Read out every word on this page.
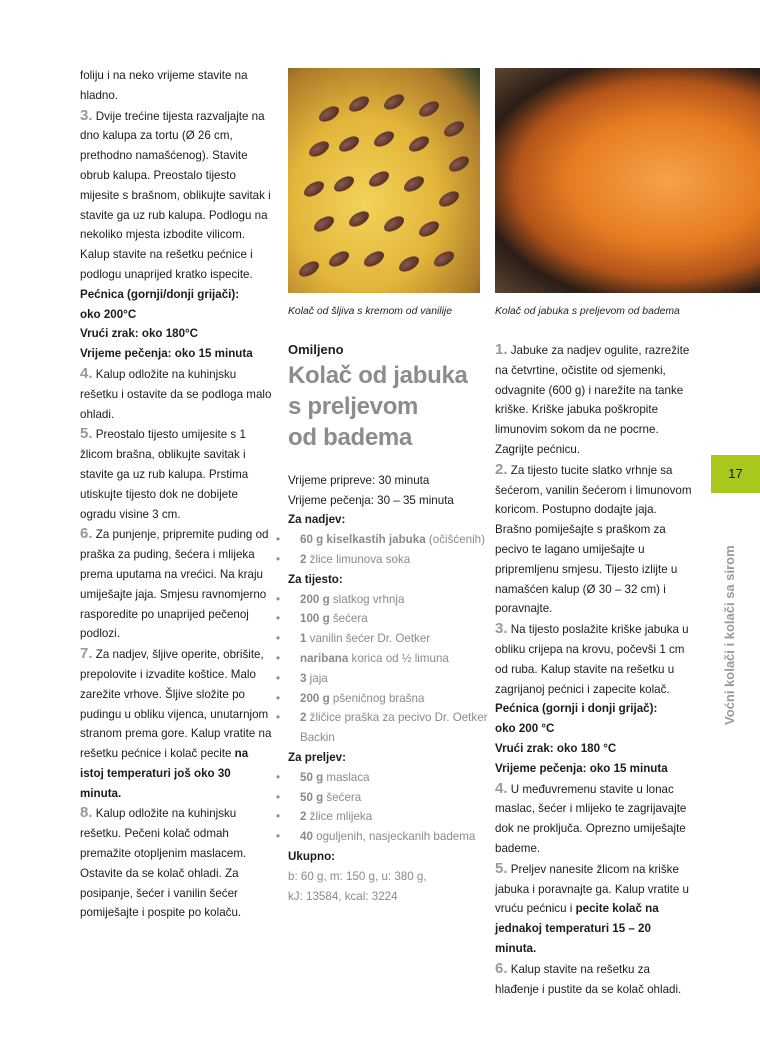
foliju i na neko vrijeme stavite na hladno.

3. Dvije trećine tijesta razvaljajte na dno kalupa za tortu (Ø 26 cm, prethodno namašćenog). Stavite obrub kalupa. Preostalo tijesto mijesite s brašnom, oblikujte savitak i stavite ga uz rub kalupa. Podlogu na nekoliko mjesta izbodite vilicom. Kalup stavite na rešetku pećnice i podlogu unaprijed kratko ispecite.

Pećnica (gornji/donji grijači):

oko 200°C

Vrući zrak: oko 180°C

Vrijeme pečenja: oko 15 minuta

4. Kalup odložite na kuhinjsku rešetku i ostavite da se podloga malo ohladi.

5. Preostalo tijesto umijesite s 1 žlicom brašna, oblikujte savitak i stavite ga uz rub kalupa. Prstima utiskujte tijesto dok ne dobijete ogradu visine 3 cm.

6. Za punjenje, pripremite puding od praška za puding, šećera i mlijeka prema uputama na vrećici. Na kraju umiješajte jaja. Smjesu ravnomjerno rasporedite po unaprijed pečenoj podlozi.

7. Za nadjev, šljive operite, obrišite, prepolovite i izvadite koštice. Malo zarežite vrhove. Šljive složite po pudingu u obliku vijenca, unutarnjom stranom prema gore. Kalup vratite na rešetku pećnice i kolač pecite na istoj temperaturi još oko 30 minuta.

8. Kalup odložite na kuhinjsku rešetku. Pečeni kolač odmah premažite otopljenim maslacem. Ostavite da se kolač ohladi. Za posipanje, šećer i vanilin šećer pomiješajte i pospite po kolaču.

Kolač od šljiva s kremom od vanilije	Kolač od jabuka s preljevom od badema

Omiljeno

Kolač od jabuka
s preljevom
od badema

Vrijeme pripreve: 30 minuta

Vrijeme pečenja: 30 – 35 minuta

Za nadjev:

• 60 g kiselkastih jabuka (očišćenih)

• 2 žlice limunova soka

Za tijesto:

• 200 g slatkog vrhnja

• 100 g šećera

• 1 vanilin šećer Dr. Oetker

• naribana korica od ½ limuna

• 3 jaja

• 200 g pšeničnog brašna

• 2 žličice praška za pecivo Dr. Oetker Backin

Za preljev:

• 50 g maslaca

• 50 g šećera

• 2 žlice mlijeka

• 40 oguljenih, nasjeckanih badema

Ukupno:

b: 60 g, m: 150 g, u: 380 g,

kJ: 13584, kcal: 3224

1. Jabuke za nadjev ogulite, razrežite na četvrtine, očistite od sjemenki, odvagnite (600 g) i narežite na tanke kriške. Kriške jabuka poškropite limunovim sokom da ne pocrne. Zagrijte pećnicu.

2. Za tijesto tucite slatko vrhnje sa šećerom, vanilin šećerom i limunovom koricom. Postupno dodajte jaja. Brašno pomiješajte s praškom za pecivo te lagano umiješajte u pripremljenu smjesu. Tijesto izlijte u namašćen kalup (Ø 30 – 32 cm) i poravnajte.

3. Na tijesto poslažite kriške jabuka u obliku crijepa na krovu, počevši 1 cm od ruba. Kalup stavite na rešetku u zagrijanoj pećnici i zapecite kolač.

Pećnica (gornji i donji grijač):

oko 200 °C

Vrući zrak: oko 180 °C

Vrijeme pečenja: oko 15 minuta

4. U međuvremenu stavite u lonac maslac, šećer i mlijeko te zagrijavajte dok ne proključa. Oprezno umiješajte bademe.

5. Preljev nanesite žlicom na kriške jabuka i poravnajte ga. Kalup vratite u vruću pećnicu i pecite kolač na jednakoj temperaturi 15 – 20 minuta.

6. Kalup stavite na rešetku za hlađenje i pustite da se kolač ohladi.

17
Voćni kolači i kolači sa sirom
